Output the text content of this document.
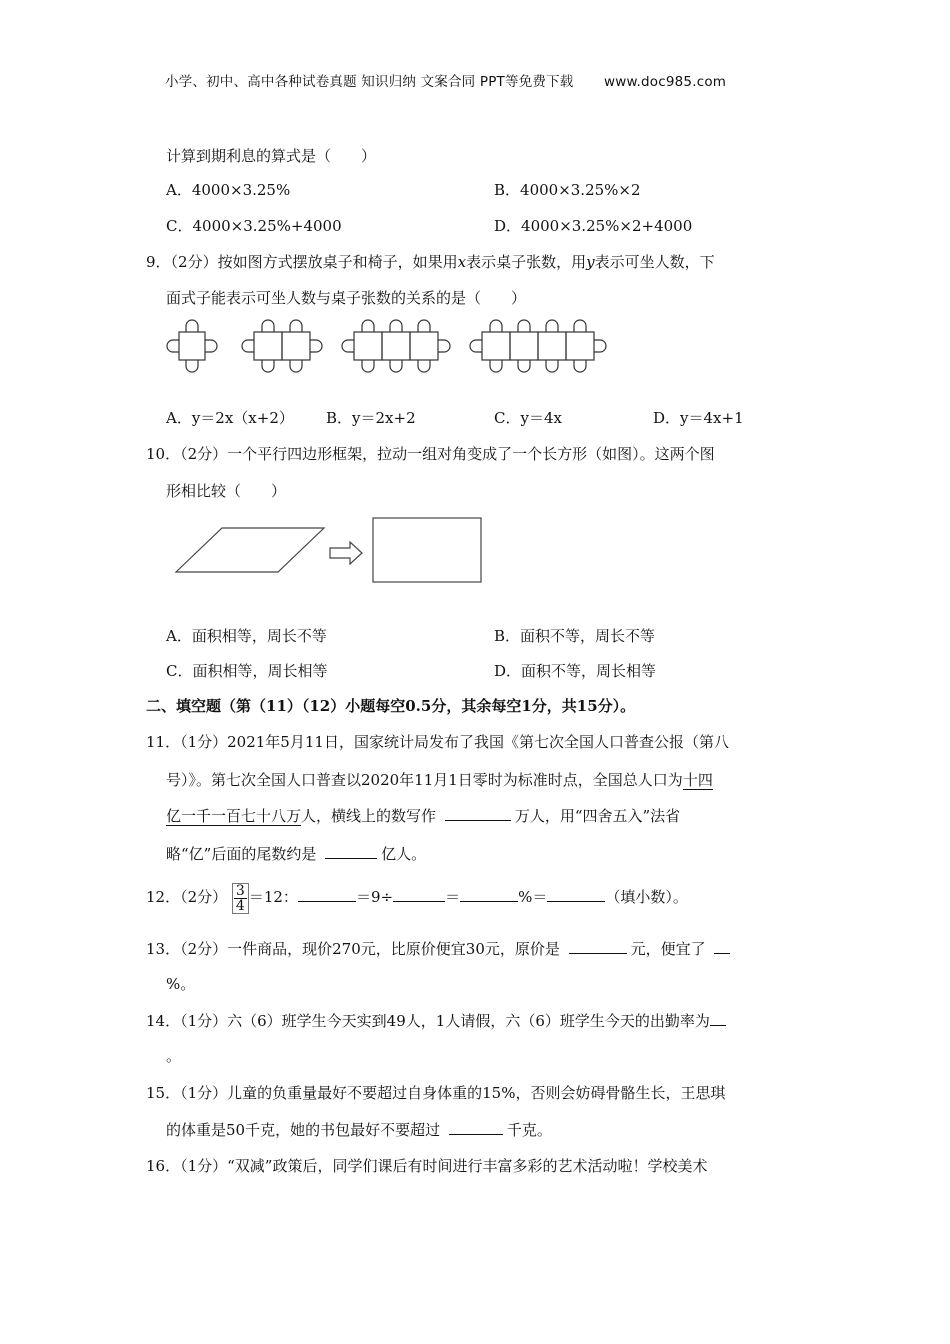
小学、初中、高中各种试卷真题 知识归纳 文案合同 PPT等免费下载 www.doc985.com
计算到期利息的算式是（　　）
A．4000×3.25%	B．4000×3.25%×2
C．4000×3.25%+4000	D．4000×3.25%×2+4000
9．（2分）按如图方式摆放桌子和椅子，如果用x表示桌子张数，用y表示可坐人数，下
面式子能表示可坐人数与桌子张数的关系的是（　　）
A．y＝2x（x+2） B．y＝2x+2	C．y＝4x	D．y＝4x+1
10．（2分）一个平行四边形框架，拉动一组对角变成了一个长方形（如图）。这两个图
形相比较（　　）
A．面积相等，周长不等	B．面积不等，周长不等
C．面积相等，周长相等	D．面积不等，周长相等
二、填空题（第（11）（12）小题每空0.5分，其余每空1分，共15分）。
11．（1分）2021年5月11日，国家统计局发布了我国《第七次全国人口普查公报（第八
号）》。第七次全国人口普查以2020年11月1日零时为标准时点，全国总人口为十四
亿一千一百七十八万人，横线上的数写作	万人，用“四舍五入”法省
略“亿”后面的尾数约是	亿人。
12．（2分） $\frac{3}{4} =12$：	＝9÷	＝	%＝	（填小数）。
13．（2分）一件商品，现价270元，比原价便宜30元，原价是	元，便宜了
%。
14．（1分）六（6）班学生今天实到49人，1人请假，六（6）班学生今天的出勤率为
。
15．（1分）儿童的负重量最好不要超过自身体重的15%，否则会妨碍骨骼生长，王思琪
的体重是50千克，她的书包最好不要超过	千克。
16．（1分）“双减”政策后，同学们课后有时间进行丰富多彩的艺术活动啦！学校美术
